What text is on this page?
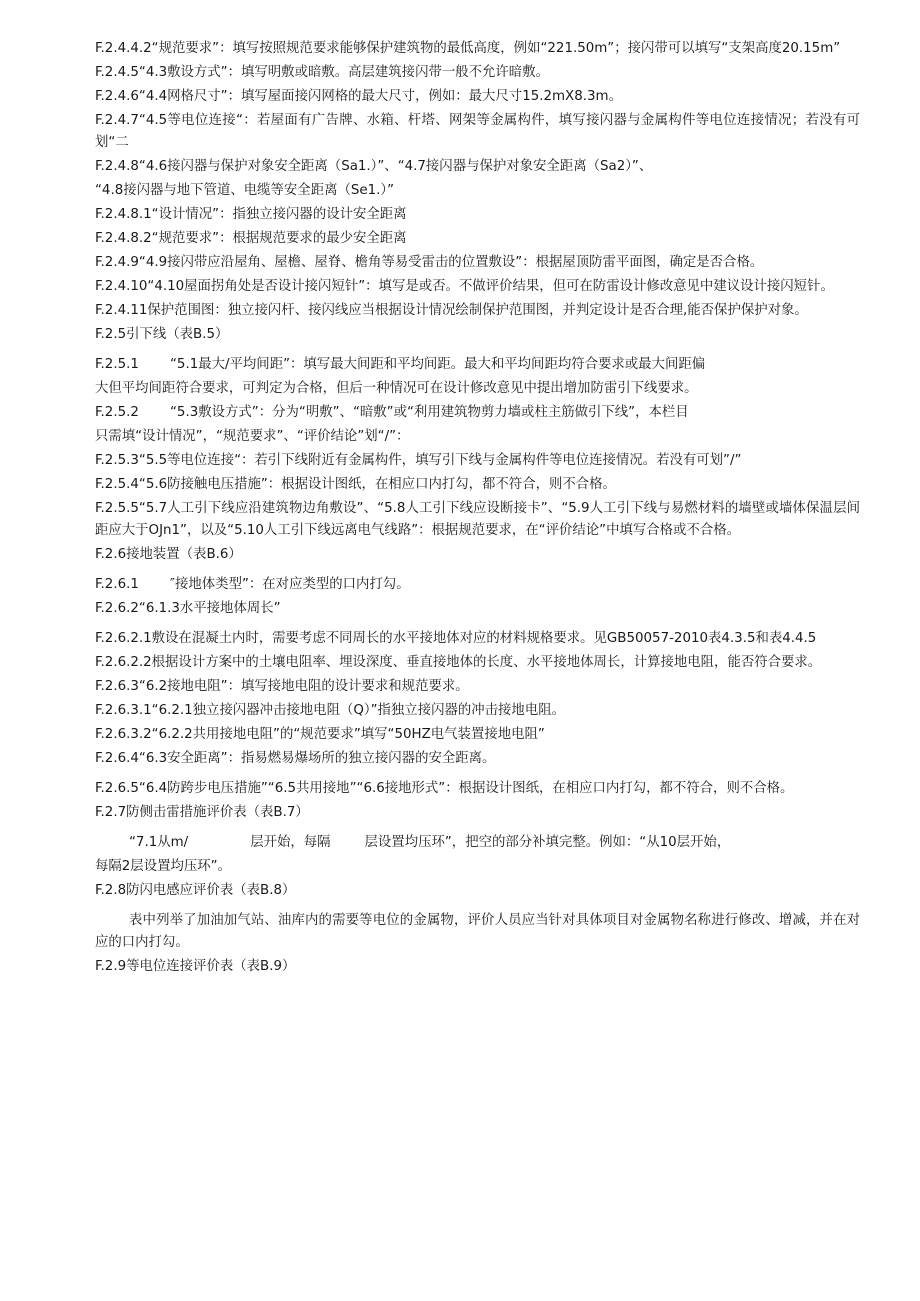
F.2.4.4.2“规范要求”：填写按照规范要求能够保护建筑物的最低高度，例如“221.50m”；接闪带可以填写“支架高度20.15m”

F.2.4.5“4.3敷设方式”：填写明敷或暗敷。高层建筑接闪带一般不允许暗敷。

F.2.4.6“4.4网格尺寸”：填写屋面接闪网格的最大尺寸，例如：最大尺寸15.2mX8.3m。

F.2.4.7“4.5等电位连接“：若屋面有广告牌、水箱、杆塔、网架等金属构件，填写接闪器与金属构件等电位连接情况；若没有可划“二

F.2.4.8“4.6接闪器与保护对象安全距离（Sa1.）”、“4.7接闪器与保护对象安全距离（Sa2）”、

“4.8接闪器与地下管道、电缆等安全距离（Se1.）”

F.2.4.8.1“设计情况”：指独立接闪器的设计安全距离

F.2.4.8.2“规范要求”：根据规范要求的最少安全距离

F.2.4.9“4.9接闪带应沿屋角、屋檐、屋脊、檐角等易受雷击的位置敷设”：根据屋顶防雷平面图，确定是否合格。

F.2.4.10“4.10屋面拐角处是否设计接闪短针”：填写是或否。不做评价结果，但可在防雷设计修改意见中建议设计接闪短针。

F.2.4.11保护范围图：独立接闪杆、接闪线应当根据设计情况绘制保护范围图，并判定设计是否合理,能否保护保护对象。

F.2.5引下线（表B.5）

F.2.5.1 “5.1最大/平均间距”：填写最大间距和平均间距。最大和平均间距均符合要求或最大间距偏

大但平均间距符合要求，可判定为合格，但后一种情况可在设计修改意见中提出增加防雷引下线要求。

F.2.5.2 “5.3敷设方式”：分为“明敷”、“暗敷”或“利用建筑物剪力墙或柱主筋做引下线”，本栏目

只需填“设计情况”，“规范要求”、“评价结论”划“/”：

F.2.5.3“5.5等电位连接“：若引下线附近有金属构件，填写引下线与金属构件等电位连接情况。若没有可划”/”

F.2.5.4“5.6防接触电压措施”：根据设计图纸，在相应口内打勾，都不符合，则不合格。

F.2.5.5“5.7人工引下线应沿建筑物边角敷设”、“5.8人工引下线应设断接卡”、“5.9人工引下线与易燃材料的墙壁或墙体保温层间距应大于OJn1”，以及“5.10人工引下线远离电气线路”：根据规范要求，在“评价结论”中填写合格或不合格。

F.2.6接地装置（表B.6）

F.2.6.1 ″接地体类型”：在对应类型的口内打勾。

F.2.6.2“6.1.3水平接地体周长”

F.2.6.2.1敷设在混凝土内时，需要考虑不同周长的水平接地体对应的材料规格要求。见GB50057-2010表4.3.5和表4.4.5

F.2.6.2.2根据设计方案中的土壤电阻率、埋设深度、垂直接地体的长度、水平接地体周长，计算接地电阻，能否符合要求。

F.2.6.3“6.2接地电阻”：填写接地电阻的设计要求和规范要求。

F.2.6.3.1“6.2.1独立接闪器冲击接地电阻（Q）”指独立接闪器的冲击接地电阻。

F.2.6.3.2“6.2.2共用接地电阻”的“规范要求”填写“50HZ电气装置接地电阻”

F.2.6.4“6.3安全距离”：指易燃易爆场所的独立接闪器的安全距离。

F.2.6.5“6.4防跨步电压措施”“6.5共用接地”“6.6接地形式”：根据设计图纸，在相应口内打勾，都不符合，则不合格。

F.2.7防侧击雷措施评价表（表B.7）

“7.1从m/	层开始，每隔	层设置均压环”，把空的部分补填完整。例如：“从10层开始，

每隔2层设置均压环”。

F.2.8防闪电感应评价表（表B.8）

表中列举了加油加气站、油库内的需要等电位的金属物，评价人员应当针对具体项目对金属物名称进行修改、增减，并在对应的口内打勾。

F.2.9等电位连接评价表（表B.9）
